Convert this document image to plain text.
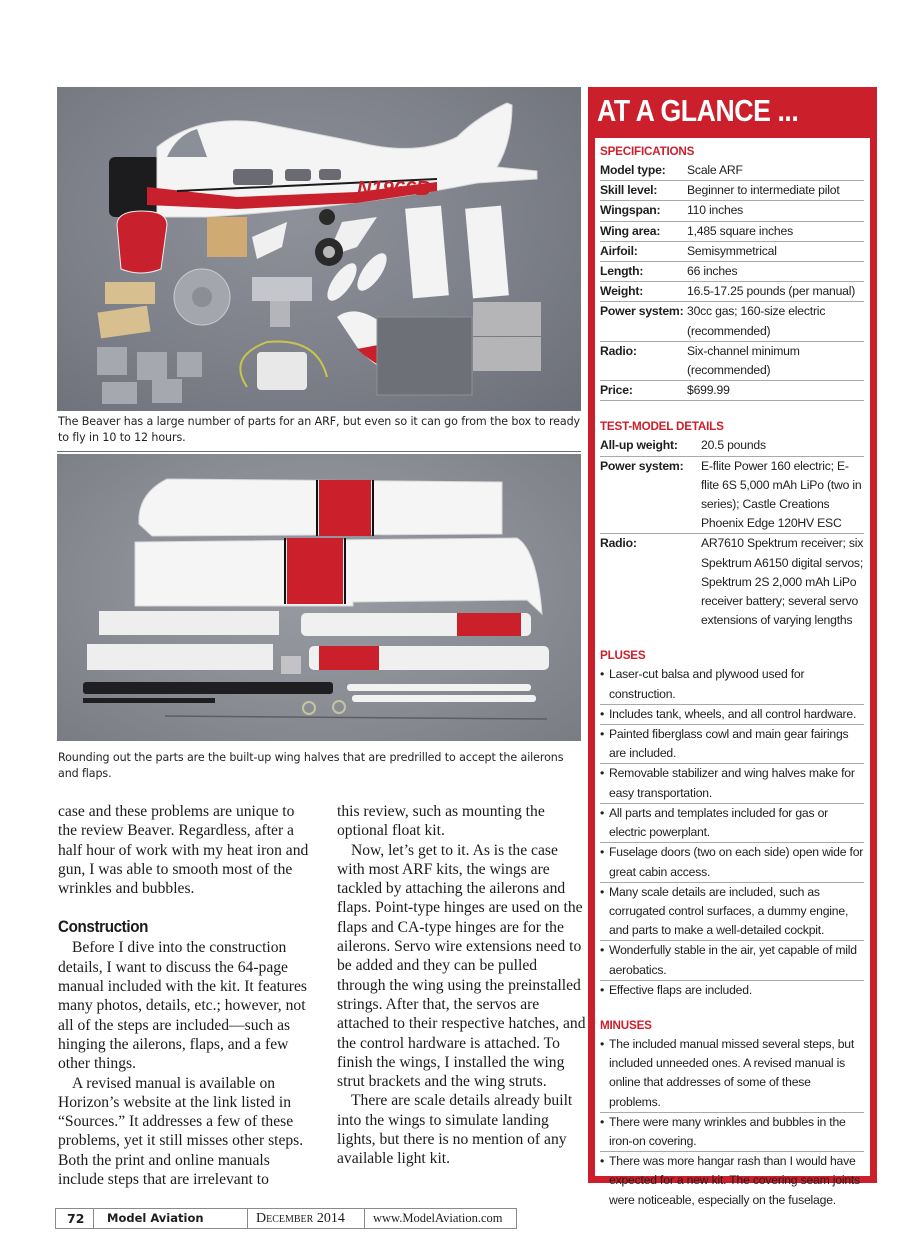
N1966B
The Beaver has a large number of parts for an ARF, but even so it can go from the box to ready to fly in 10 to 12 hours.
Rounding out the parts are the built-up wing halves that are predrilled to accept the ailerons and flaps.

case and these problems are unique to the review Beaver. Regardless, after a half hour of work with my heat iron and gun, I was able to smooth most of the wrinkles and bubbles.

Construction

Before I dive into the construction details, I want to discuss the 64-page manual included with the kit. It features many photos, details, etc.; however, not all of the steps are included—such as hinging the ailerons, flaps, and a few other things.

A revised manual is available on Horizon’s website at the link listed in “Sources.” It addresses a few of these problems, yet it still misses other steps. Both the print and online manuals include steps that are irrelevant to

this review, such as mounting the optional float kit.

Now, let’s get to it. As is the case with most ARF kits, the wings are tackled by attaching the ailerons and flaps. Point-type hinges are used on the flaps and CA-type hinges are for the ailerons. Servo wire extensions need to be added and they can be pulled through the wing using the preinstalled strings. After that, the servos are attached to their respective hatches, and the control hardware is attached. To finish the wings, I installed the wing strut brackets and the wing struts.

There are scale details already built into the wings to simulate landing lights, but there is no mention of any available light kit.

AT A GLANCE ...
SPECIFICATIONS
Model type:	Scale ARF
Skill level:	Beginner to intermediate pilot
Wingspan:	110 inches
Wing area:	1,485 square inches
Airfoil:	Semisymmetrical
Length:	66 inches
Weight:	16.5-17.25 pounds (per manual)
Power system: 30cc gas; 160-size electric (recommended)
Radio:	Six-channel minimum (recommended)
Price:	$699.99
TEST-MODEL DETAILS
All-up weight:	20.5 pounds
Power system:	E-flite Power 160 electric; E-flite 6S 5,000 mAh LiPo (two in series); Castle Creations Phoenix Edge 120HV ESC
Radio:	AR7610 Spektrum receiver; six Spektrum A6150 digital servos; Spektrum 2S 2,000 mAh LiPo receiver battery; several servo extensions of varying lengths
PLUSES
• Laser-cut balsa and plywood used for construction.
• Includes tank, wheels, and all control hardware.
• Painted fiberglass cowl and main gear fairings are included.
• Removable stabilizer and wing halves make for easy transportation.
• All parts and templates included for gas or electric powerplant.
• Fuselage doors (two on each side) open wide for great cabin access.
• Many scale details are included, such as corrugated control surfaces, a dummy engine, and parts to make a well-detailed cockpit.
• Wonderfully stable in the air, yet capable of mild aerobatics.
• Effective flaps are included.
MINUSES
• The included manual missed several steps, but included unneeded ones. A revised manual is online that addresses of some of these problems.
• There were many wrinkles and bubbles in the iron-on covering.
• There was more hangar rash than I would have expected for a new kit. The covering seam joints were noticeable, especially on the fuselage.
72	Model Aviation	December 2014	www.ModelAviation.com
